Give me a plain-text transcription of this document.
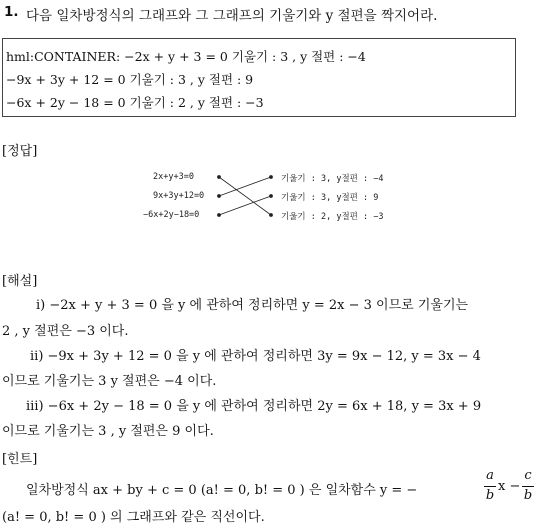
1. 다음 일차방정식의 그래프와 그 그래프의 기울기와 y 절편을 짝지어라.
hml:CONTAINER: −2x + y + 3 = 0 기울기 : 3 , y 절편 : −4
−9x + 3y + 12 = 0 기울기 : 3 , y 절편 : 9
−6x + 2y − 18 = 0 기울기 : 2 , y 절편 : −3
[정답]
2x+y+3=0
9x+3y+12=0
−6x+2y−18=0
기울기 : 3, y절편 : −4
기울기 : 3, y절편 : 9
기울기 : 2, y절편 : −3
[해설]
ⅰ) −2x + y + 3 = 0 을 y 에 관하여 정리하면 y = 2x − 3 이므로 기울기는
2 , y 절편은 −3 이다.
ⅱ) −9x + 3y + 12 = 0 을 y 에 관하여 정리하면 3y = 9x − 12, y = 3x − 4
이므로 기울기는 3 y 절편은 −4 이다.
ⅲ) −6x + 2y − 18 = 0 을 y 에 관하여 정리하면 2y = 6x + 18, y = 3x + 9
이므로 기울기는 3 , y 절편은 9 이다.
[힌트]
일차방정식 ax + by + c = 0 (a! = 0, b! = 0 ) 은 일차함수 y = −
a
b
x −
c
b
(a! = 0, b! = 0 ) 의 그래프와 같은 직선이다.
